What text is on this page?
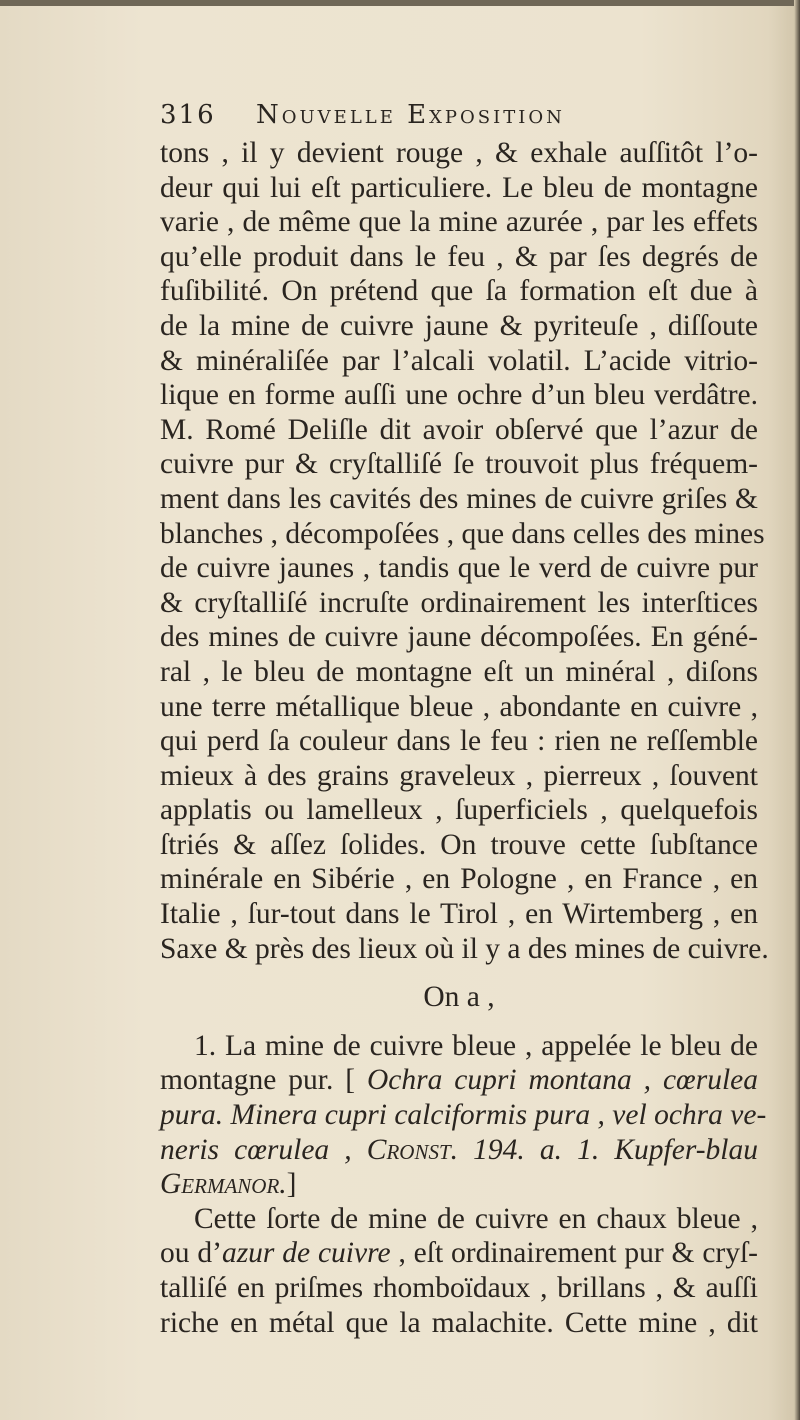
316 Nouvelle Exposition
tons , il y devient rouge , & exhale auſſitôt l’o-
deur qui lui eſt particuliere. Le bleu de montagne
varie , de même que la mine azurée , par les effets
qu’elle produit dans le feu , & par ſes degrés de
fuſibilité. On prétend que ſa formation eſt due à
de la mine de cuivre jaune & pyriteuſe , diſſoute
& minéraliſée par l’alcali volatil. L’acide vitrio-
lique en forme auſſi une ochre d’un bleu verdâtre.
M. Romé Deliſle dit avoir obſervé que l’azur de
cuivre pur & cryſtalliſé ſe trouvoit plus fréquem-
ment dans les cavités des mines de cuivre griſes &
blanches , décompoſées , que dans celles des mines
de cuivre jaunes , tandis que le verd de cuivre pur
& cryſtalliſé incruſte ordinairement les interſtices
des mines de cuivre jaune décompoſées. En géné-
ral , le bleu de montagne eſt un minéral , diſons
une terre métallique bleue , abondante en cuivre ,
qui perd ſa couleur dans le feu : rien ne reſſemble
mieux à des grains graveleux , pierreux , ſouvent
applatis ou lamelleux , ſuperficiels , quelquefois
ſtriés & aſſez ſolides. On trouve cette ſubſtance
minérale en Sibérie , en Pologne , en France , en
Italie , ſur-tout dans le Tirol , en Wirtemberg , en
Saxe & près des lieux où il y a des mines de cuivre.
On a ,
1. La mine de cuivre bleue , appelée le bleu de
montagne pur. [ Ochra cupri montana , cœrulea
pura. Minera cupri calciformis pura , vel ochra ve-
neris cœrulea , Cronst. 194. a. 1. Kupfer-blau
Germanor.]
Cette ſorte de mine de cuivre en chaux bleue ,
ou d’azur de cuivre , eſt ordinairement pur & cryſ-
talliſé en priſmes rhomboïdaux , brillans , & auſſi
riche en métal que la malachite. Cette mine , dit
